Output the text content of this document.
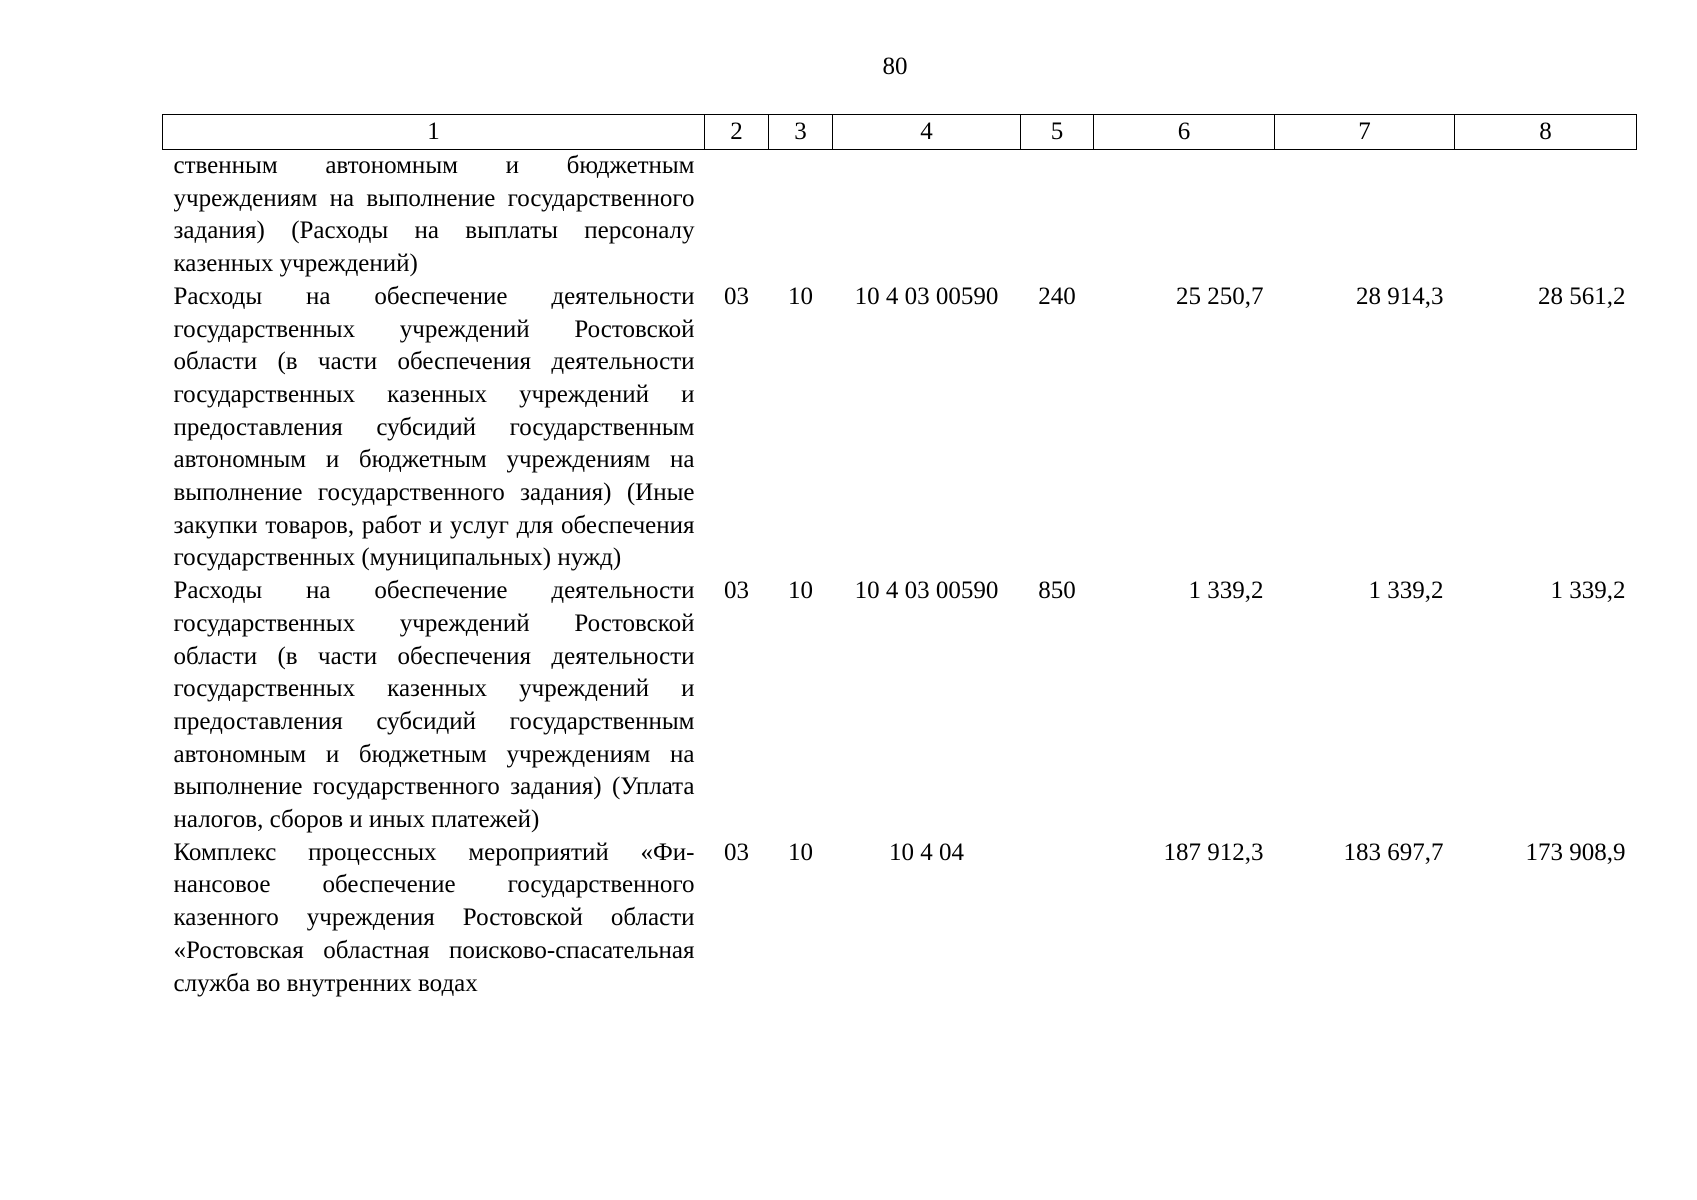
80
1	2	3	4	5	6	7	8
ственным автономным и бюджетным учреждениям на выполнение государственного задания) (Расходы на выплаты персоналу казенных учреждений)							
Расходы на обеспечение деятельности государственных учреждений Ростовской области (в части обеспечения деятельности государственных казенных учреждений и предоставления субсидий государственным автономным и бюджетным учреждениям на выполнение государственного задания) (Иные закупки товаров, работ и услуг для обеспечения государственных (муниципальных) нужд)	03	10	10 4 03 00590	240	25 250,7	28 914,3	28 561,2
Расходы на обеспечение деятельности государственных учреждений Ростовской области (в части обеспечения деятельности государственных казенных учреждений и предоставления субсидий государственным автономным и бюджетным учреждениям на выполнение государственного задания) (Уплата налогов, сборов и иных платежей)	03	10	10 4 03 00590	850	1 339,2	1 339,2	1 339,2
Комплекс процессных мероприятий «Финансовое обеспечение государственного казенного учреждения Ростовской области «Ростовская областная поисково-спасательная служба во внутренних водах	03	10	10 4 04		187 912,3	183 697,7	173 908,9
